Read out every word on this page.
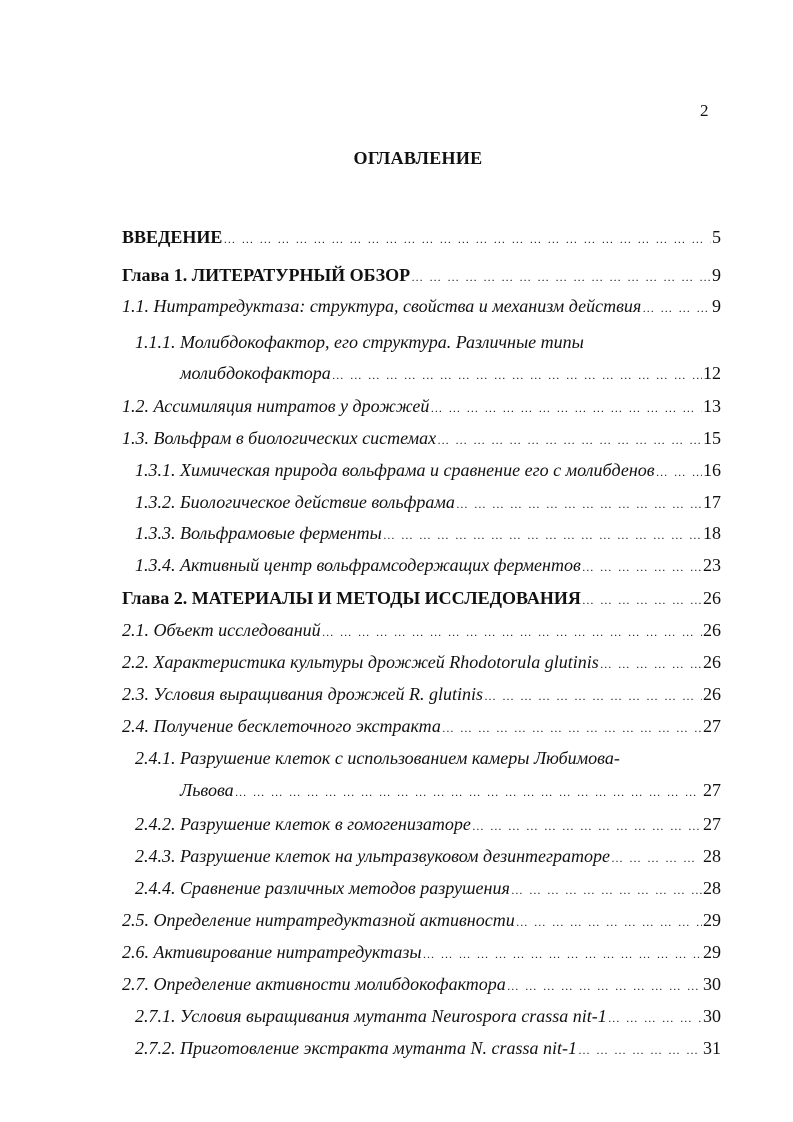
2
ОГЛАВЛЕНИЕ
ВВЕДЕНИЕ … … … … … … … … … … … … … … … … … … … … … … … … … … … … … … … … … … … … … … … … … … … … … … … … … …	5
Глава 1. ЛИТЕРАТУРНЫЙ ОБЗОР … … … … … … … … … … … … … … … … … … … … … … … … … … … … … … … … … … … … … … … … … … … … … … … … … …	9
1.1. Нитратредуктаза: структура, свойства и механизм действия … … … … … … … … … … … … … … … … … … … … … … … … … … … … … … … … … … … … … … … … … … … … … … … … … …	9
1.1.1. Молибдокофактор, его структура. Различные типы
молибдокофактора … … … … … … … … … … … … … … … … … … … … … … … … … … … … … … … … … … … … … … … … … … … … … … … … … …	12
1.2. Ассимиляция нитратов у дрожжей … … … … … … … … … … … … … … … … … … … … … … … … … … … … … … … … … … … … … … … … … … … … … … … … … …	13
1.3. Вольфрам в биологических системах … … … … … … … … … … … … … … … … … … … … … … … … … … … … … … … … … … … … … … … … … … … … … … … … … …	15
1.3.1. Химическая природа вольфрама и сравнение его с молибденов … … … … … … … … … … … … … … … … … … … … … … … … … … … … … … … … … … … … … … … … … … … … … … … … … …	16
1.3.2. Биологическое действие вольфрама … … … … … … … … … … … … … … … … … … … … … … … … … … … … … … … … … … … … … … … … … … … … … … … … … …	17
1.3.3. Вольфрамовые ферменты … … … … … … … … … … … … … … … … … … … … … … … … … … … … … … … … … … … … … … … … … … … … … … … … … …	18
1.3.4. Активный центр вольфрамсодержащих ферментов … … … … … … … … … … … … … … … … … … … … … … … … … … … … … … … … … … … … … … … … … … … … … … … … … …	23
Глава 2. МАТЕРИАЛЫ И МЕТОДЫ ИССЛЕДОВАНИЯ … … … … … … … … … … … … … … … … … … … … … … … … … … … … … … … … … … … … … … … … … … … … … … … … … …	26
2.1. Объект исследований … … … … … … … … … … … … … … … … … … … … … … … … … … … … … … … … … … … … … … … … … … … … … … … … … …	26
2.2. Характеристика культуры дрожжей Rhodotorula glutinis … … … … … … … … … … … … … … … … … … … … … … … … … … … … … … … … … … … … … … … … … … … … … … … … … …	26
2.3. Условия выращивания дрожжей R. glutinis … … … … … … … … … … … … … … … … … … … … … … … … … … … … … … … … … … … … … … … … … … … … … … … … … …	26
2.4. Получение бесклеточного экстракта … … … … … … … … … … … … … … … … … … … … … … … … … … … … … … … … … … … … … … … … … … … … … … … … … …	27
2.4.1. Разрушение клеток с использованием камеры Любимова-
Львова … … … … … … … … … … … … … … … … … … … … … … … … … … … … … … … … … … … … … … … … … … … … … … … … … …	27
2.4.2. Разрушение клеток в гомогенизаторе … … … … … … … … … … … … … … … … … … … … … … … … … … … … … … … … … … … … … … … … … … … … … … … … … …	27
2.4.3. Разрушение клеток на ультразвуковом дезинтеграторе … … … … … … … … … … … … … … … … … … … … … … … … … … … … … … … … … … … … … … … … … … … … … … … … … …	28
2.4.4. Сравнение различных методов разрушения … … … … … … … … … … … … … … … … … … … … … … … … … … … … … … … … … … … … … … … … … … … … … … … … … …	28
2.5. Определение нитратредуктазной активности … … … … … … … … … … … … … … … … … … … … … … … … … … … … … … … … … … … … … … … … … … … … … … … … … …	29
2.6. Активирование нитратредуктазы … … … … … … … … … … … … … … … … … … … … … … … … … … … … … … … … … … … … … … … … … … … … … … … … … …	29
2.7. Определение активности молибдокофактора … … … … … … … … … … … … … … … … … … … … … … … … … … … … … … … … … … … … … … … … … … … … … … … … … …	30
2.7.1. Условия выращивания мутанта Neurospora crassa nit-1 … … … … … … … … … … … … … … … … … … … … … … … … … … … … … … … … … … … … … … … … … … … … … … … … … …	30
2.7.2. Приготовление экстракта мутанта N. crassa nit-1 … … … … … … … … … … … … … … … … … … … … … … … … … … … … … … … … … … … … … … … … … … … … … … … … … …	31
